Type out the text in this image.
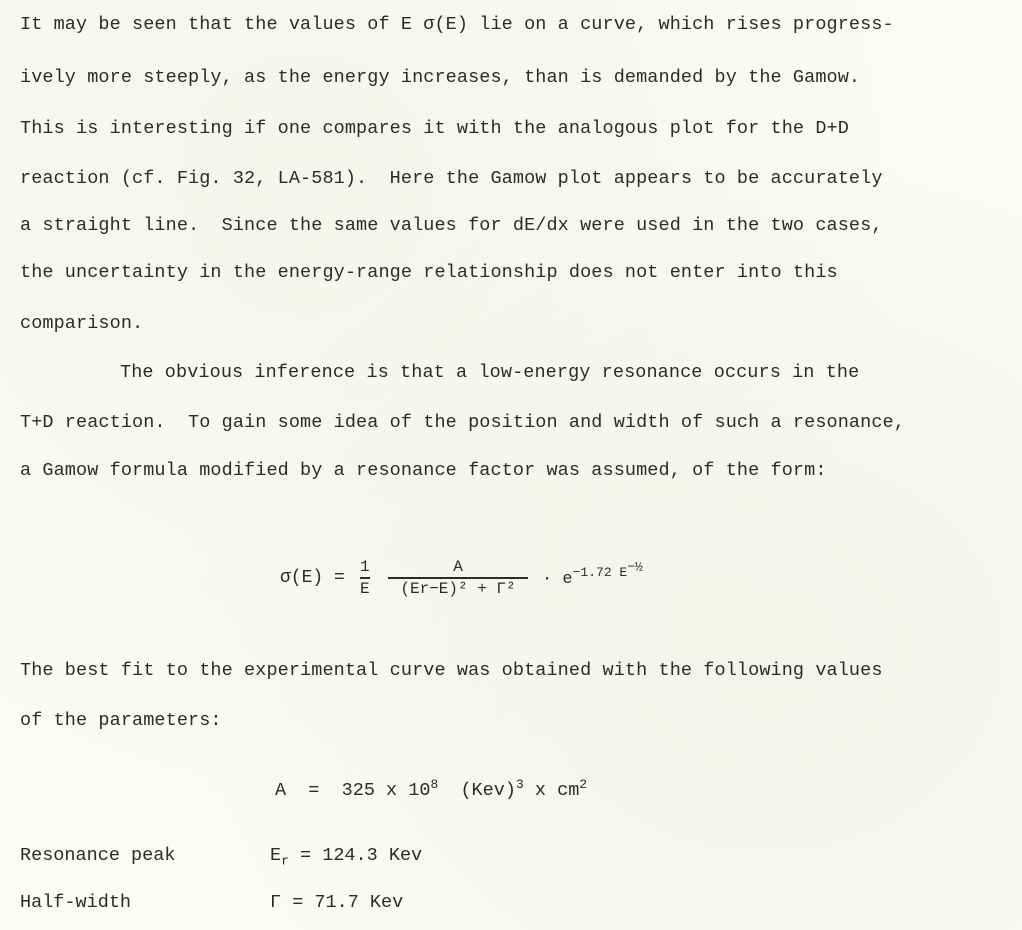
It may be seen that the values of E σ(E) lie on a curve, which rises progress-
ively more steeply, as the energy increases, than is demanded by the Gamow.
This is interesting if one compares it with the analogous plot for the D+D
reaction (cf. Fig. 32, LA-581).  Here the Gamow plot appears to be accurately
a straight line.  Since the same values for dE/dx were used in the two cases,
the uncertainty in the energy-range relationship does not enter into this
comparison.
The obvious inference is that a low-energy resonance occurs in the
T+D reaction.  To gain some idea of the position and width of such a resonance,
a Gamow formula modified by a resonance factor was assumed, of the form:
σ(E) =
1
E
A
$(Er-E)^2 + \Gamma^2 \cdot e^{-1.72 E^{-\frac{1}{2}}}$
The best fit to the experimental curve was obtained with the following values
of the parameters:
A  =  325 x $10^8$  (Kev)$^3$ x $cm^2$
Resonance peak	$E_r = 124.3$ Kev
Half-width	Γ = 71.7 Kev
